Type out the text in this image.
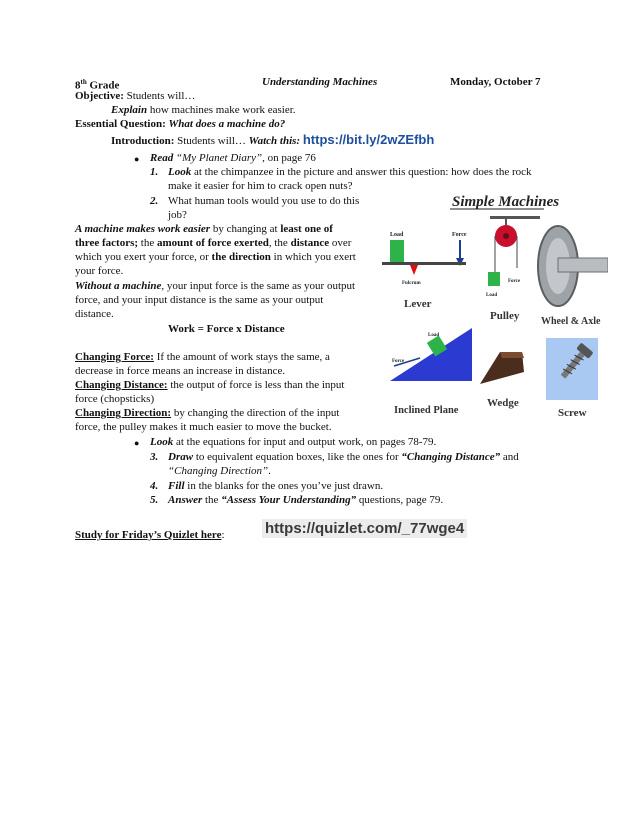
8th Grade	Understanding Machines	Monday, October 7
Objective: Students will…
Explain how machines make work easier.
Essential Question: What does a machine do?
Introduction: Students will… Watch this: https://bit.ly/2wZEfbh
● Read “My Planet Diary”, on page 76
1. Look at the chimpanzee in the picture and answer this question: how does the rock
make it easier for him to crack open nuts?
2. What human tools would you use to do this
job?
A machine makes work easier by changing at least one of
three factors; the amount of force exerted, the distance over
which you exert your force, or the direction in which you exert
your force.
Without a machine, your input force is the same as your output
force, and your input distance is the same as your output
distance.
Work = Force x Distance
Changing Force: If the amount of work stays the same, a
decrease in force means an increase in distance.
Changing Distance: the output of force is less than the input
force (chopsticks)
Changing Direction: by changing the direction of the input
force, the pulley makes it much easier to move the bucket.
● Look at the equations for input and output work, on pages 78-79.
3. Draw to equivalent equation boxes, like the ones for “Changing Distance” and
“Changing Direction”.
4. Fill in the blanks for the ones you’ve just drawn.
5. Answer the “Assess Your Understanding” questions, page 79.
Study for Friday’s Quizlet here:	https://quizlet.com/_77wge4
Simple Machines
Load	Force
Fulcrum
Lever
Load
Force
Pulley Wheel & Axle
Load
Force
Inclined Plane
Wedge
Screw
